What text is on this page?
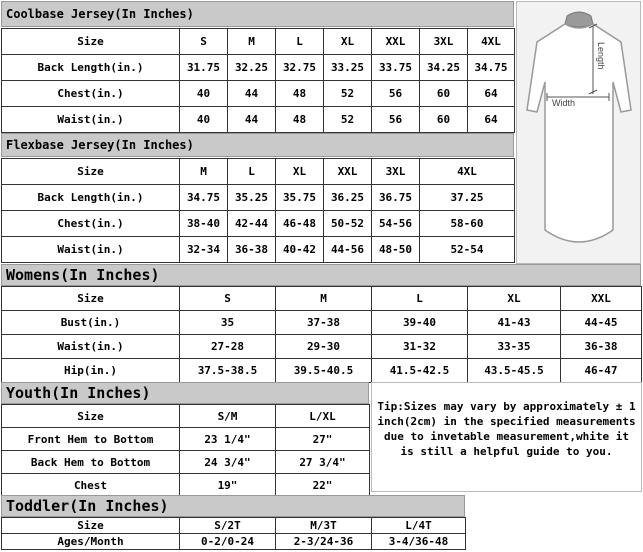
Coolbase Jersey(In Inches)
Size	S	M	L	XL	XXL	3XL	4XL
Back Length(in.)	31.75	32.25	32.75	33.25	33.75	34.25	34.75
Chest(in.)	40	44	48	52	56	60	64
Waist(in.)	40	44	48	52	56	60	64
Flexbase Jersey(In Inches)
Size	M	L	XL	XXL	3XL	4XL
Back Length(in.)	34.75	35.25	35.75	36.25	36.75	37.25
Chest(in.)	38-40	42-44	46-48	50-52	54-56	58-60
Waist(in.)	32-34	36-38	40-42	44-56	48-50	52-54
Length
Width
Womens(In Inches)
Size	S	M	L	XL	XXL
Bust(in.)	35	37-38	39-40	41-43	44-45
Waist(in.)	27-28	29-30	31-32	33-35	36-38
Hip(in.)	37.5-38.5	39.5-40.5	41.5-42.5	43.5-45.5	46-47
Youth(In Inches)
Size	S/M	L/XL
Front Hem to Bottom	23 1/4"	27"
Back Hem to Bottom	24 3/4"	27 3/4"
Chest	19"	22"
Tip:Sizes may vary by approximately ± 1 inch(2cm) in the specified measurements due to invetable measurement,white it is still a helpful guide to you.
Toddler(In Inches)
Size	S/2T	M/3T	L/4T
Ages/Month	0-2/0-24	2-3/24-36	3-4/36-48
